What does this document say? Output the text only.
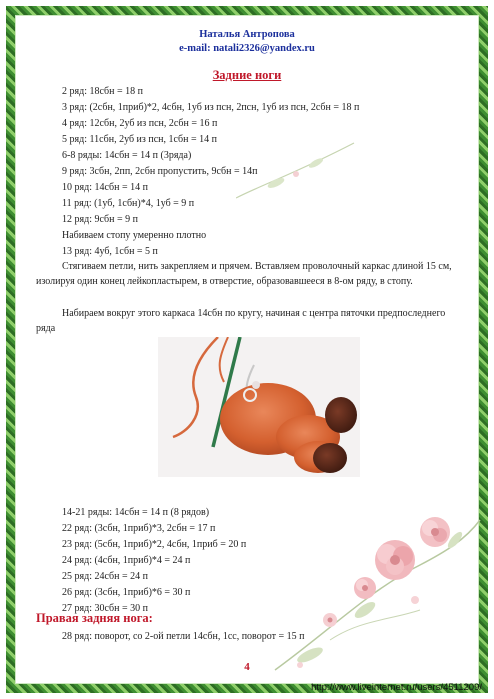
Наталья Антропова
e-mail: natali2326@yandex.ru
Задние ноги
2 ряд: 18сбн = 18 п
3 ряд: (2сбн, 1приб)*2, 4сбн, 1уб из псн, 2псн, 1уб из псн, 2сбн = 18 п
4 ряд: 12сбн, 2уб из псн, 2сбн = 16 п
5 ряд: 11сбн, 2уб из псн, 1сбн = 14 п
6-8 ряды: 14сбн = 14 п (3ряда)
9 ряд: 3сбн, 2пп, 2сбн пропустить, 9сбн = 14п
10 ряд: 14сбн = 14 п
11 ряд: (1уб, 1сбн)*4, 1уб = 9 п
12 ряд: 9сбн = 9 п
Набиваем стопу умеренно плотно
13 ряд: 4уб, 1сбн = 5 п
Стягиваем петли, нить закрепляем и прячем. Вставляем проволочный каркас длиной 15 см, изолируя один конец лейкопластырем, в отверстие, образовавшееся в 8-ом ряду, в стопу.
Набираем вокруг этого каркаса 14сбн по кругу, начиная с центра пяточки предпоследнего ряда
14-21 ряды: 14сбн = 14 п (8 рядов)
22 ряд: (3сбн, 1приб)*3, 2сбн = 17 п
23 ряд: (5сбн, 1приб)*2, 4сбн, 1приб = 20 п
24 ряд: (4сбн, 1приб)*4 = 24 п
25 ряд: 24сбн = 24 п
26 ряд: (3сбн, 1приб)*6 = 30 п
27 ряд: 30сбн = 30 п
Правая задняя нога:
28 ряд: поворот, со 2-ой петли 14сбн, 1сс, поворот = 15 п
4
http://www.liveinternet.ru/users/4511209/
